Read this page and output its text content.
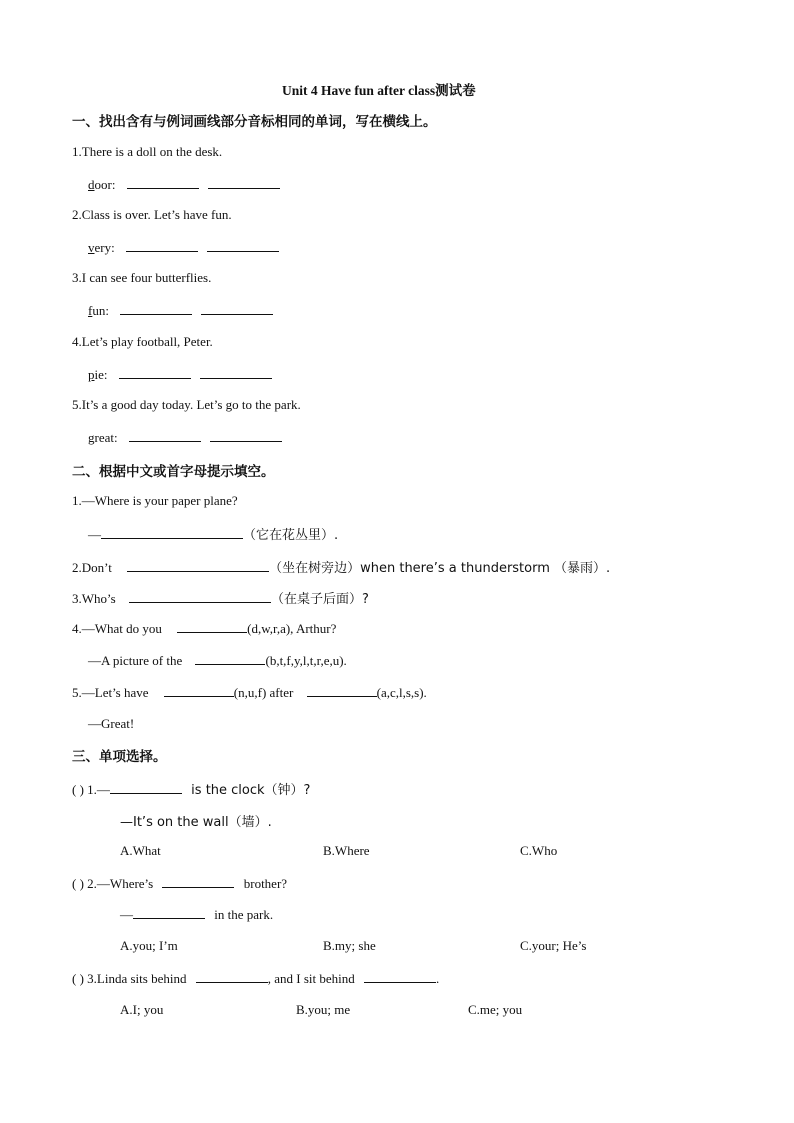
Unit 4 Have fun after class测试卷
一、找出含有与例词画线部分音标相同的单词，写在横线上。
1.There is a doll on the desk.
door:
2.Class is over. Let’s have fun.
very:
3.I can see four butterflies.
fun:
4.Let’s play football, Peter.
pie:
5.It’s a good day today. Let’s go to the park.
great:
二、根据中文或首字母提示填空。
1.—Where is your paper plane?
—	（它在花丛里）.
2.Don’t	（坐在树旁边）when there’s a thunderstorm （暴雨）.
3.Who’s	（在桌子后面）?
4.—What do you	(d,w,r,a), Arthur?
—A picture of the	(b,t,f,y,l,t,r,e,u).
5.—Let’s have	(n,u,f) after	(a,c,l,s,s).
—Great!
三、单项选择。
( ) 1.—	is the clock（钟）?
—It’s on the wall（墙）.
A.What	B.Where	C.Who
( ) 2.—Where’s	brother?
—	in the park.
A.you; I’m	B.my; she	C.your; He’s
( ) 3.Linda sits behind	, and I sit behind	.
A.I; you	B.you; me	C.me; you
